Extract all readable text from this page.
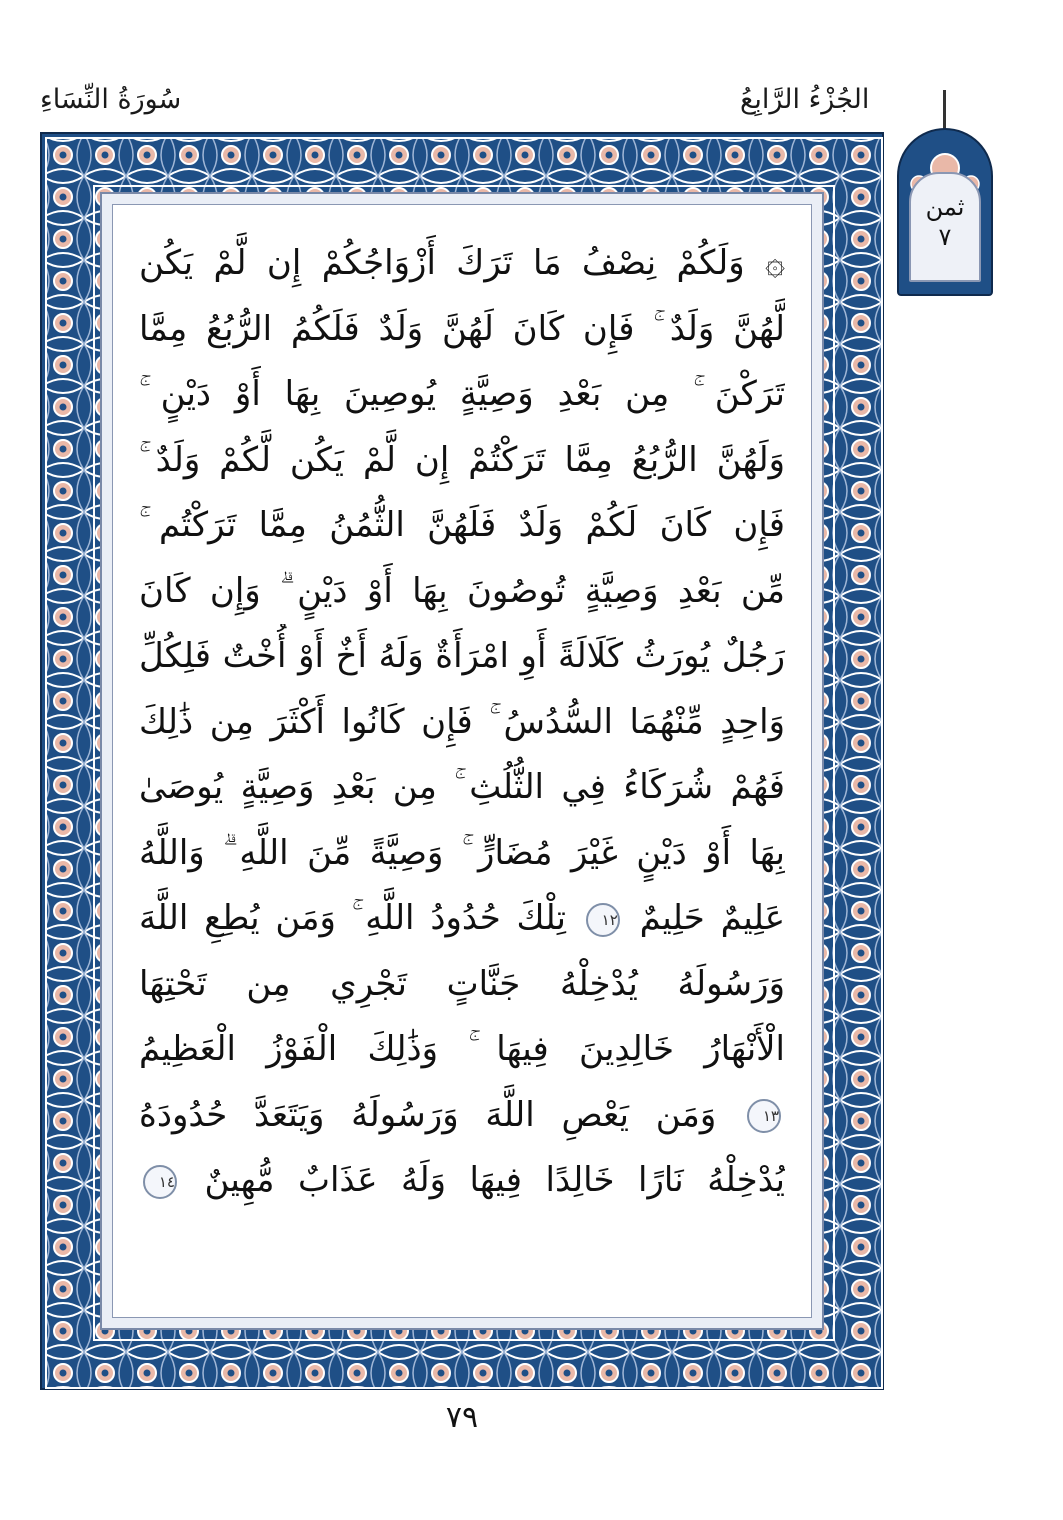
الجُزْءُ الرَّابِعُ
سُورَةُ النِّسَاءِ
۞ وَلَكُمْ نِصْفُ مَا تَرَكَ أَزْوَاجُكُمْ إِن لَّمْ يَكُن
لَّهُنَّ وَلَدٌ ۚ فَإِن كَانَ لَهُنَّ وَلَدٌ فَلَكُمُ الرُّبُعُ مِمَّا
تَرَكْنَ ۚ مِن بَعْدِ وَصِيَّةٍ يُوصِينَ بِهَا أَوْ دَيْنٍ ۚ
وَلَهُنَّ الرُّبُعُ مِمَّا تَرَكْتُمْ إِن لَّمْ يَكُن لَّكُمْ وَلَدٌ ۚ
فَإِن كَانَ لَكُمْ وَلَدٌ فَلَهُنَّ الثُّمُنُ مِمَّا تَرَكْتُم ۚ
مِّن بَعْدِ وَصِيَّةٍ تُوصُونَ بِهَا أَوْ دَيْنٍ ۗ وَإِن كَانَ
رَجُلٌ يُورَثُ كَلَالَةً أَوِ امْرَأَةٌ وَلَهُ أَخٌ أَوْ أُخْتٌ فَلِكُلِّ
وَاحِدٍ مِّنْهُمَا السُّدُسُ ۚ فَإِن كَانُوا أَكْثَرَ مِن ذَٰلِكَ
فَهُمْ شُرَكَاءُ فِي الثُّلُثِ ۚ مِن بَعْدِ وَصِيَّةٍ يُوصَىٰ
بِهَا أَوْ دَيْنٍ غَيْرَ مُضَارٍّ ۚ وَصِيَّةً مِّنَ اللَّهِ ۗ وَاللَّهُ
عَلِيمٌ حَلِيمٌ ١٢ تِلْكَ حُدُودُ اللَّهِ ۚ وَمَن يُطِعِ اللَّهَ
وَرَسُولَهُ يُدْخِلْهُ جَنَّاتٍ تَجْرِي مِن تَحْتِهَا
الْأَنْهَارُ خَالِدِينَ فِيهَا ۚ وَذَٰلِكَ الْفَوْزُ الْعَظِيمُ
١٣ وَمَن يَعْصِ اللَّهَ وَرَسُولَهُ وَيَتَعَدَّ حُدُودَهُ
يُدْخِلْهُ نَارًا خَالِدًا فِيهَا وَلَهُ عَذَابٌ مُّهِينٌ ١٤
ثمن
٧
٧٩
